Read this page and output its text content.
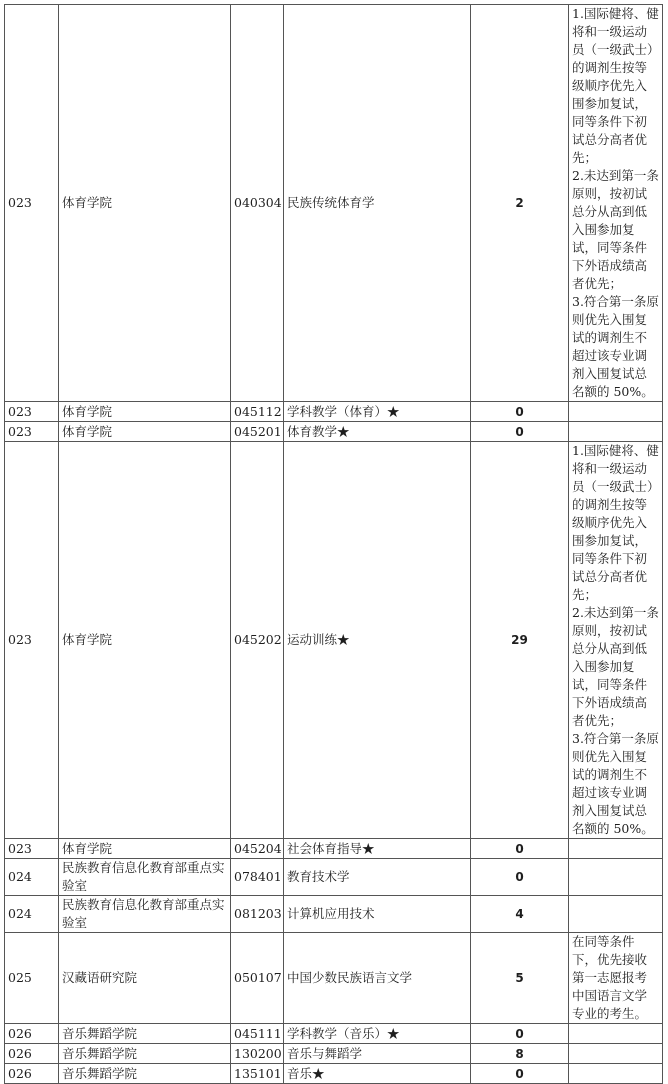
023	体育学院	040304	民族传统体育学	2	1.国际健将、健将和一级运动员（一级武士）的调剂生按等级顺序优先入围参加复试，同等条件下初试总分高者优先；
2.未达到第一条原则，按初试总分从高到低入围参加复试，同等条件下外语成绩高者优先；
3.符合第一条原则优先入围复试的调剂生不超过该专业调剂入围复试总名额的 50%。
023	体育学院	045112	学科教学（体育）★	0	
023	体育学院	045201	体育教学★	0	
023	体育学院	045202	运动训练★	29	1.国际健将、健将和一级运动员（一级武士）的调剂生按等级顺序优先入围参加复试，同等条件下初试总分高者优先；
2.未达到第一条原则，按初试总分从高到低入围参加复试，同等条件下外语成绩高者优先；
3.符合第一条原则优先入围复试的调剂生不超过该专业调剂入围复试总名额的 50%。
023	体育学院	045204	社会体育指导★	0	
024	民族教育信息化教育部重点实验室	078401	教育技术学	0	
024	民族教育信息化教育部重点实验室	081203	计算机应用技术	4	
025	汉藏语研究院	050107	中国少数民族语言文学	5	在同等条件下，优先接收第一志愿报考中国语言文学专业的考生。
026	音乐舞蹈学院	045111	学科教学（音乐）★	0	
026	音乐舞蹈学院	130200	音乐与舞蹈学	8	
026	音乐舞蹈学院	135101	音乐★	0	
